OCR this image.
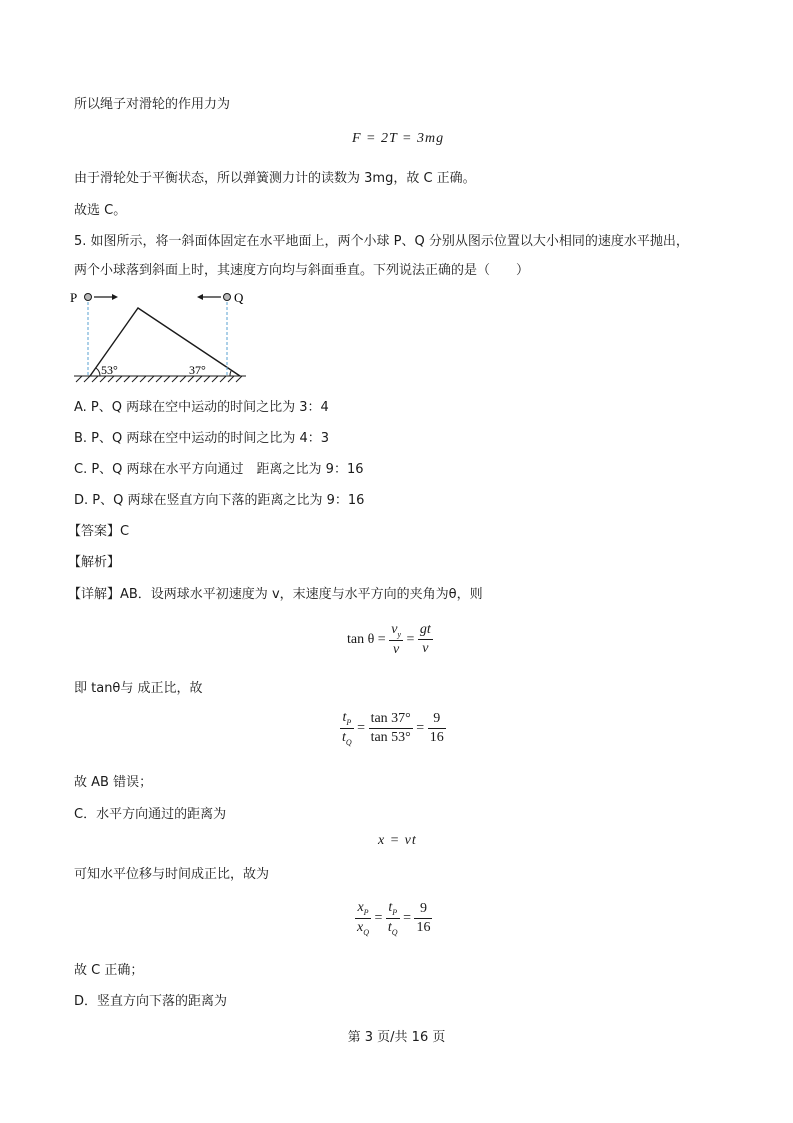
所以绳子对滑轮的作用力为
F = 2T = 3mg
由于滑轮处于平衡状态，所以弹簧测力计的读数为 3mg，故 C 正确。
故选 C。
5. 如图所示，将一斜面体固定在水平地面上，两个小球 P、Q 分别从图示位置以大小相同的速度水平抛出，
两个小球落到斜面上时，其速度方向均与斜面垂直。下列说法正确的是（　　）
P	Q
53°	37°
A. P、Q 两球在空中运动的时间之比为 3：4
B. P、Q 两球在空中运动的时间之比为 4：3
C. P、Q 两球在水平方向通过　距离之比为 9：16
D. P、Q 两球在竖直方向下落的距离之比为 9：16
【答案】C
【解析】
【详解】AB．设两球水平初速度为 v，末速度与水平方向的夹角为θ，则
$\tan \theta = \frac{v_y}{v} = \frac{gt}{v}$
即 tanθ与 成正比，故
$\frac{t_P}{t_Q} = \frac{\tan 37^\circ}{\tan 53^\circ} = \frac{9}{16}$
故 AB 错误；
C．水平方向通过的距离为
x = vt
可知水平位移与时间成正比，故为
$\frac{x_P}{x_Q} = \frac{t_P}{t_Q} = \frac{9}{16}$
故 C 正确；
D．竖直方向下落的距离为
第 3 页/共 16 页
